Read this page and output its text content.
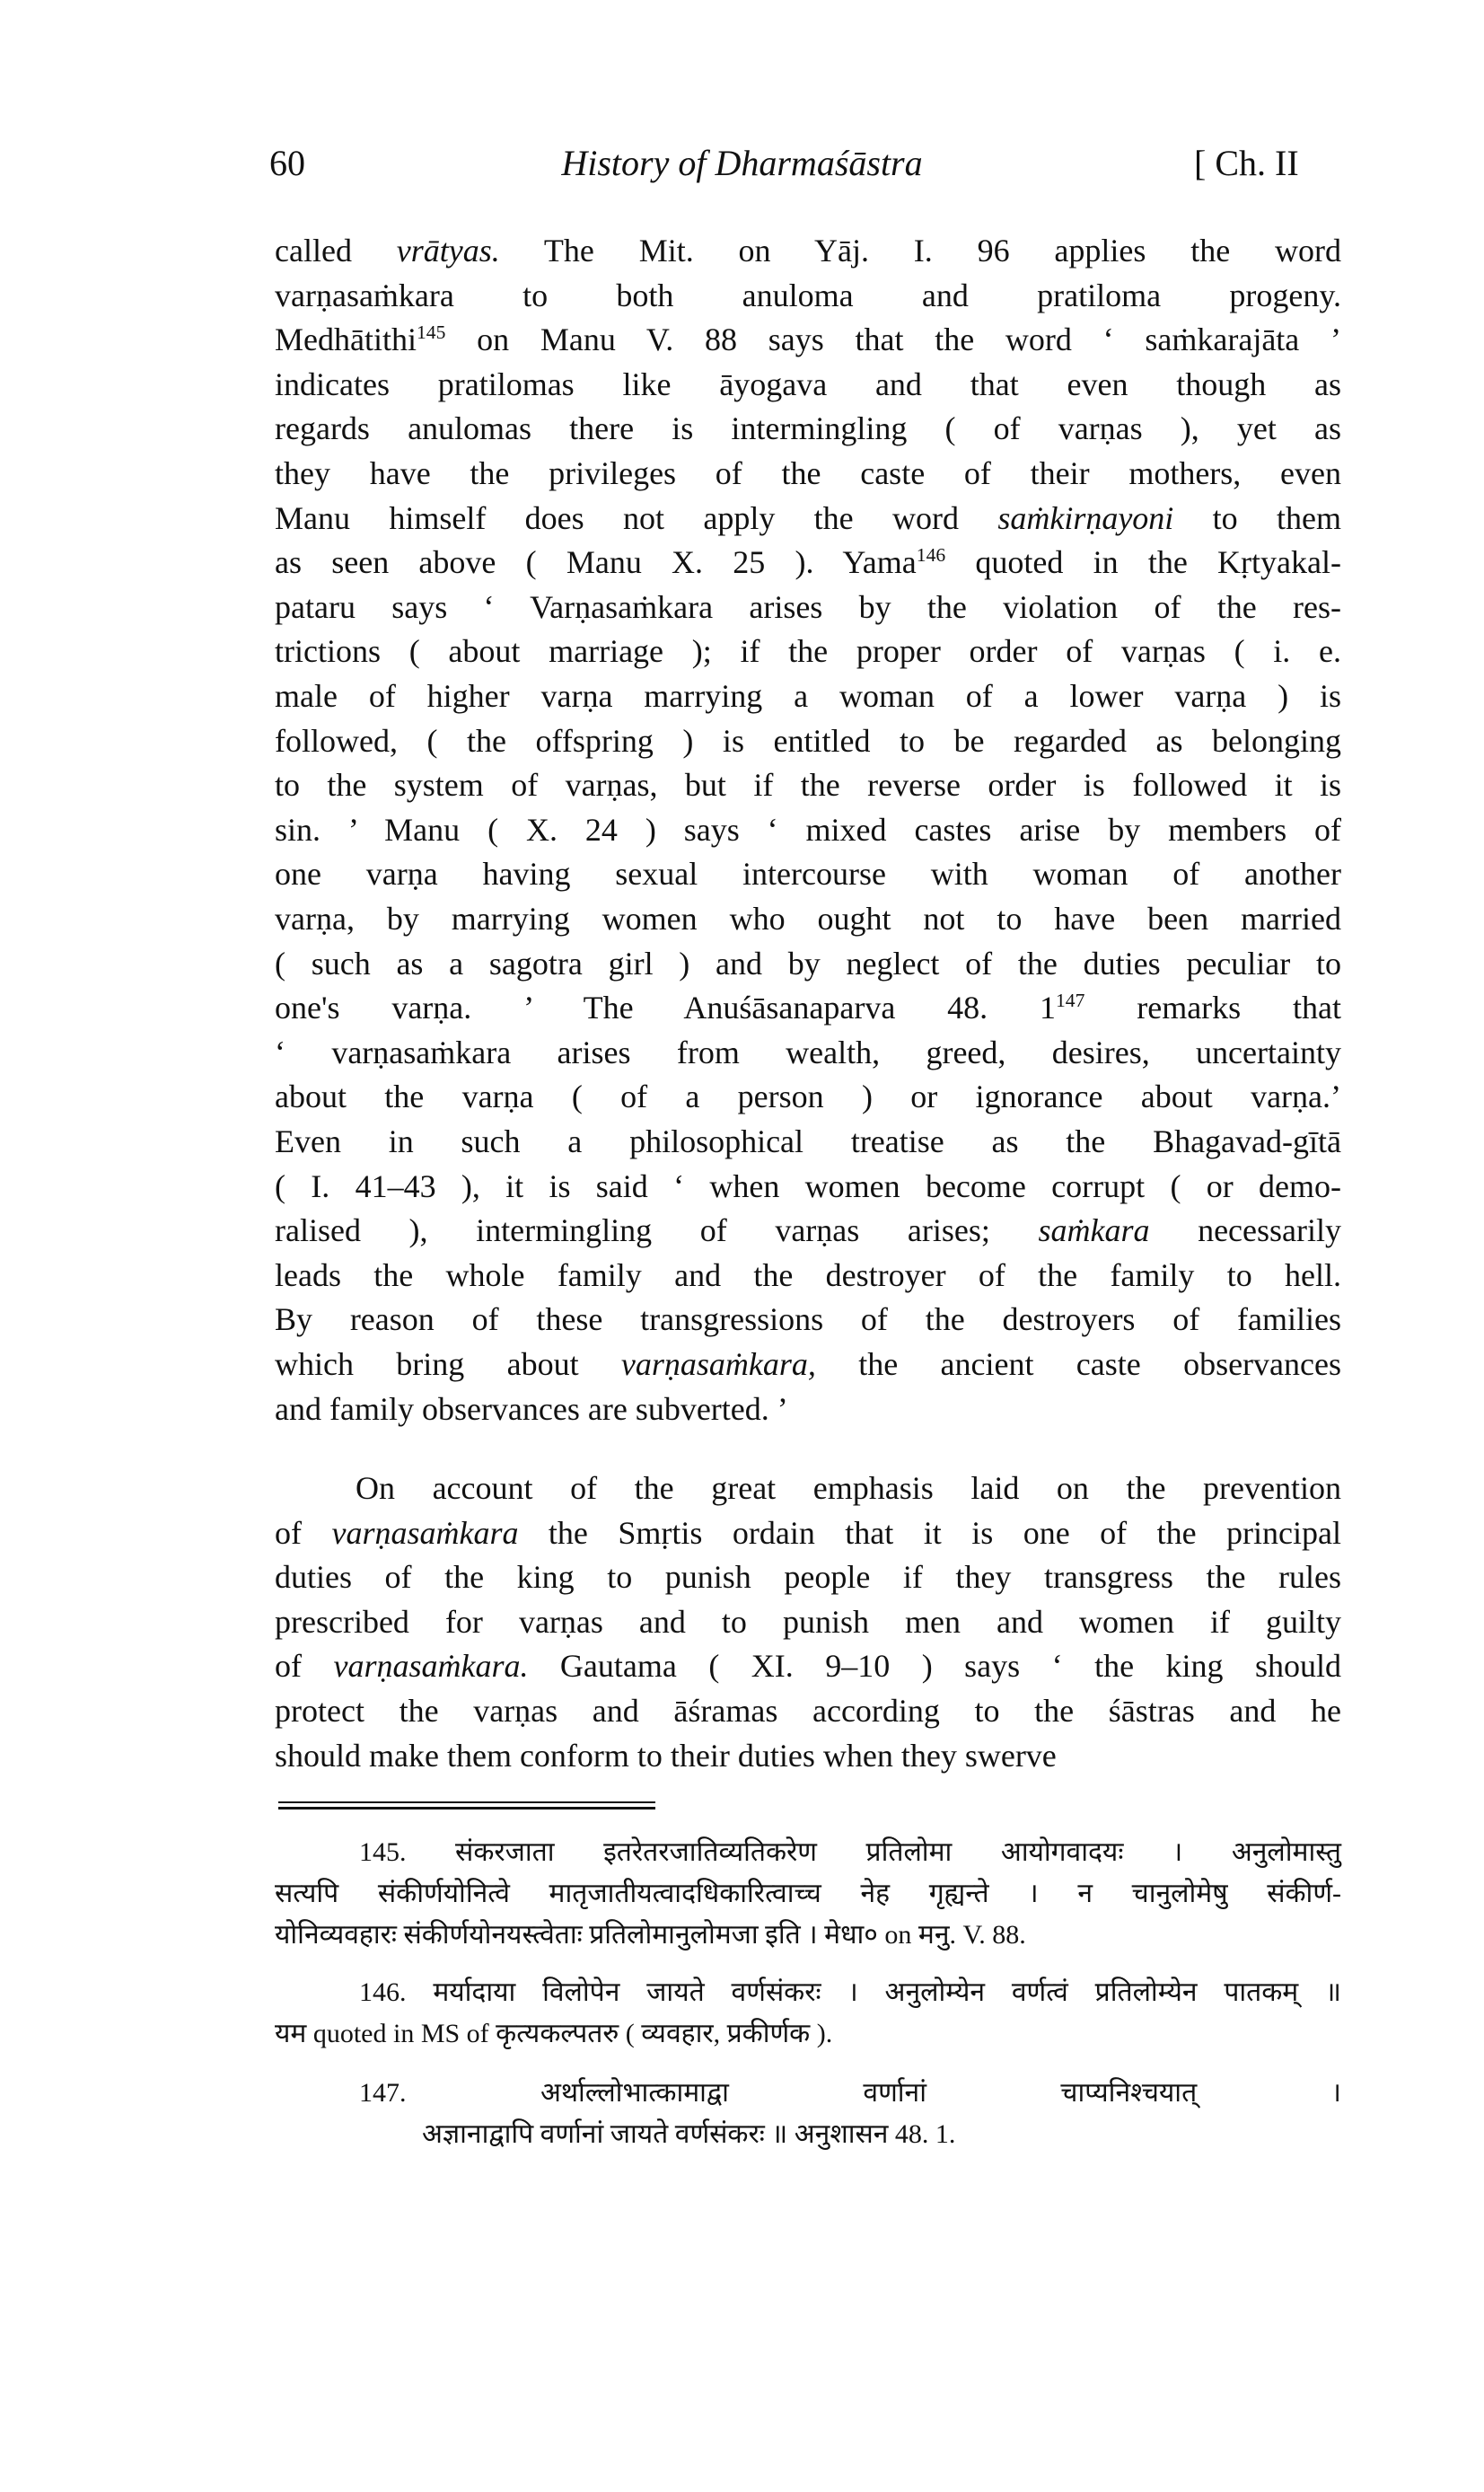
60	History of Dharmaśāstra	[ Ch. II
called vrātyas. The Mit. on Yāj. I. 96 applies the word
varṇasaṁkara to both anuloma and pratiloma progeny.
Medhātithi$^{145}$ on Manu V. 88 says that the word ‘ saṁkarajāta ’
indicates pratilomas like āyogava and that even though as
regards anulomas there is intermingling ( of varṇas ), yet as
they have the privileges of the caste of their mothers, even
Manu himself does not apply the word saṁkirṇayoni to them
as seen above ( Manu X. 25 ). Yama$^{146}$ quoted in the Kṛtyakal-
pataru says ‘ Varṇasaṁkara arises by the violation of the res-
trictions ( about marriage ); if the proper order of varṇas ( i. e.
male of higher varṇa marrying a woman of a lower varṇa ) is
followed, ( the offspring ) is entitled to be regarded as belonging
to the system of varṇas, but if the reverse order is followed it is
sin. ’ Manu ( X. 24 ) says ‘ mixed castes arise by members of
one varṇa having sexual intercourse with woman of another
varṇa, by marrying women who ought not to have been married
( such as a sagotra girl ) and by neglect of the duties peculiar to
one's varṇa. ’ The Anuśāsanaparva 48. $1^{147}$ remarks that
‘ varṇasaṁkara arises from wealth, greed, desires, uncertainty
about the varṇa ( of a person ) or ignorance about varṇa.’
Even in such a philosophical treatise as the Bhagavad-gītā
( I. 41–43 ), it is said ‘ when women become corrupt ( or demo-
ralised ), intermingling of varṇas arises; saṁkara necessarily
leads the whole family and the destroyer of the family to hell.
By reason of these transgressions of the destroyers of families
which bring about varṇasaṁkara, the ancient caste observances
and family observances are subverted. ’
On account of the great emphasis laid on the prevention
of varṇasaṁkara the Smṛtis ordain that it is one of the principal
duties of the king to punish people if they transgress the rules
prescribed for varṇas and to punish men and women if guilty
of varṇasaṁkara. Gautama ( XI. 9–10 ) says ‘ the king should
protect the varṇas and āśramas according to the śāstras and he
should make them conform to their duties when they swerve
145. संकरजाता इतरेतरजातिव्यतिकरेण प्रतिलोमा आयोगवादयः । अनुलोमास्तु
सत्यपि संकीर्णयोनित्वे मातृजातीयत्वादधिकारित्वाच्च नेह गृह्यन्ते । न चानुलोमेषु संकीर्ण-
योनिव्यवहारः संकीर्णयोनयस्त्वेताः प्रतिलोमानुलोमजा इति । मेधा० on मनु. V. 88.
146. मर्यादाया विलोपेन जायते वर्णसंकरः । अनुलोम्येन वर्णत्वं प्रतिलोम्येन पातकम् ॥
यम quoted in MS of कृत्यकल्पतरु ( व्यवहार, प्रकीर्णक ).
147. अर्थाल्लोभात्कामाद्वा वर्णानां चाप्यनिश्चयात् ।
अज्ञानाद्वापि वर्णानां जायते वर्णसंकरः ॥ अनुशासन 48. 1.
